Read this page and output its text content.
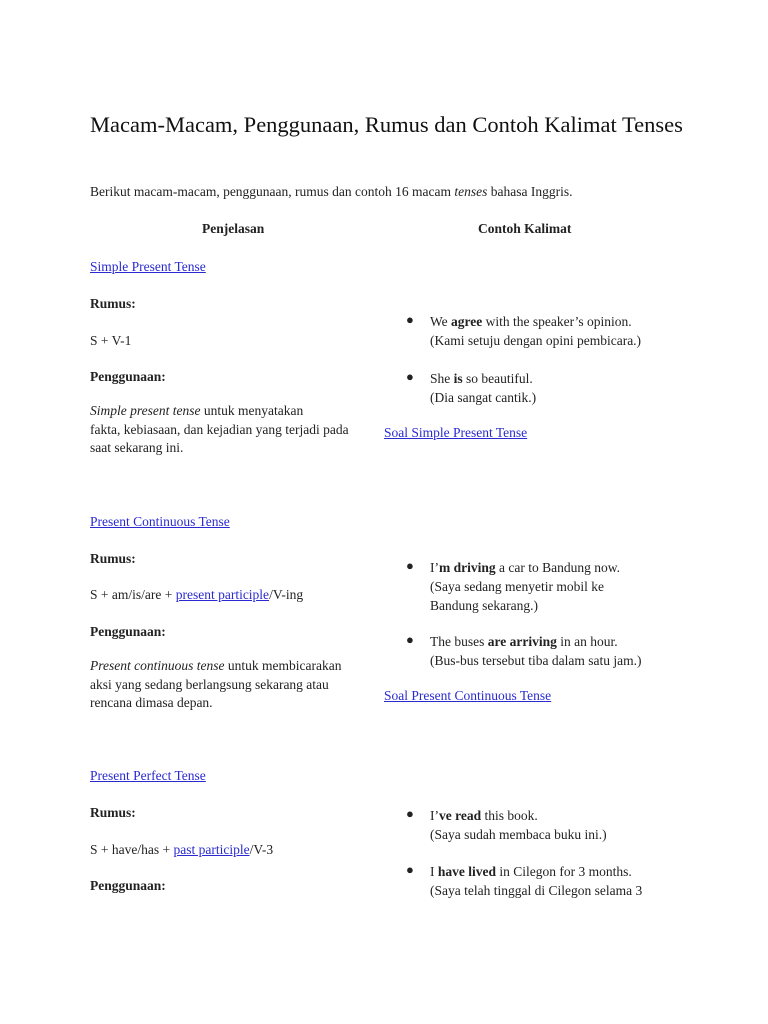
Macam-Macam, Penggunaan, Rumus dan Contoh Kalimat Tenses
Berikut macam-macam, penggunaan, rumus dan contoh 16 macam tenses bahasa Inggris.
Penjelasan	Contoh Kalimat
Simple Present Tense
Rumus:
S + V-1
Penggunaan:
Simple present tense untuk menyatakan
fakta, kebiasaan, dan kejadian yang terjadi pada
saat sekarang ini.
● We agree with the speaker’s opinion.
(Kami setuju dengan opini pembicara.)
● She is so beautiful.
(Dia sangat cantik.)
Soal Simple Present Tense
Present Continuous Tense
Rumus:
S + am/is/are + present participle/V-ing
Penggunaan:
Present continuous tense untuk membicarakan
aksi yang sedang berlangsung sekarang atau
rencana dimasa depan.
● I’m driving a car to Bandung now.
(Saya sedang menyetir mobil ke
Bandung sekarang.)
● The buses are arriving in an hour.
(Bus-bus tersebut tiba dalam satu jam.)
Soal Present Continuous Tense
Present Perfect Tense
Rumus:
S + have/has + past participle/V-3
Penggunaan:
● I’ve read this book.
(Saya sudah membaca buku ini.)
● I have lived in Cilegon for 3 months.
(Saya telah tinggal di Cilegon selama 3
